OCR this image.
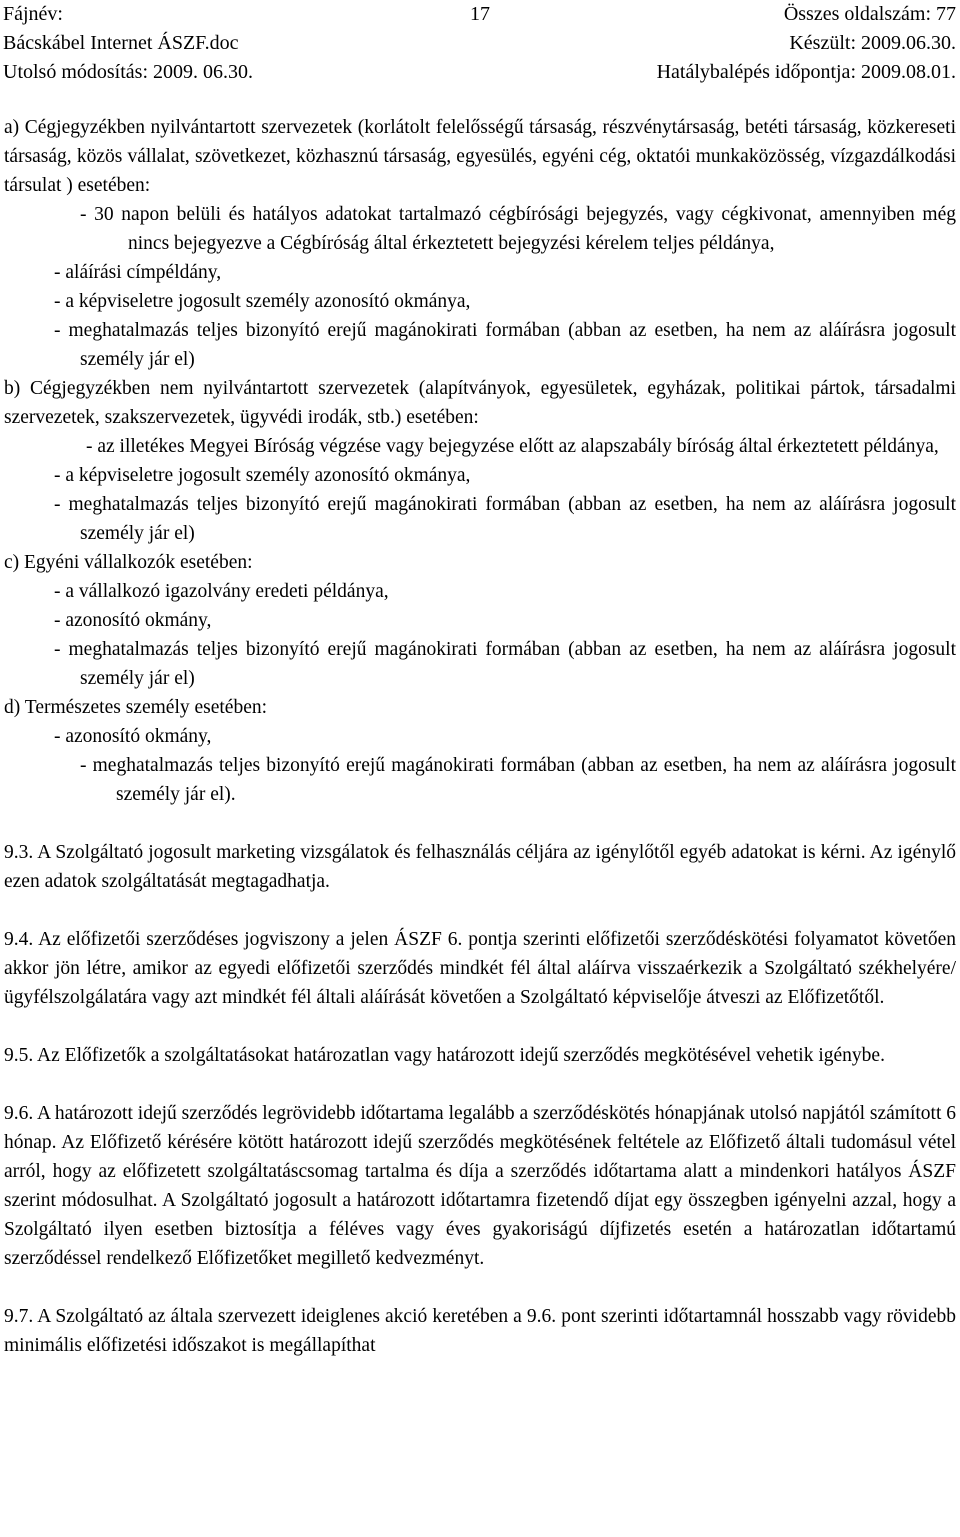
Fájnév:	17	Összes oldalszám: 77
Bácskábel Internet ÁSZF.doc	Készült: 2009.06.30.
Utolsó módosítás: 2009. 06.30.	Hatálybalépés időpontja: 2009.08.01.

a) Cégjegyzékben nyilvántartott szervezetek (korlátolt felelősségű társaság, részvénytársaság, betéti társaság, közkereseti társaság, közös vállalat, szövetkezet, közhasznú társaság, egyesülés, egyéni cég, oktatói munkaközösség, vízgazdálkodási társulat ) esetében:

- 30 napon belüli és hatályos adatokat tartalmazó cégbírósági bejegyzés, vagy cégkivonat, amennyiben még nincs bejegyezve a Cégbíróság által érkeztetett bejegyzési kérelem teljes példánya,

- aláírási címpéldány,

- a képviseletre jogosult személy azonosító okmánya,

- meghatalmazás teljes bizonyító erejű magánokirati formában (abban az esetben, ha nem az aláírásra jogosult személy jár el)

b) Cégjegyzékben nem nyilvántartott szervezetek (alapítványok, egyesületek, egyházak, politikai pártok, társadalmi szervezetek, szakszervezetek, ügyvédi irodák, stb.) esetében:

- az illetékes Megyei Bíróság végzése vagy bejegyzése előtt az alapszabály bíróság által érkeztetett példánya,

- a képviseletre jogosult személy azonosító okmánya,

- meghatalmazás teljes bizonyító erejű magánokirati formában (abban az esetben, ha nem az aláírásra jogosult személy jár el)

c) Egyéni vállalkozók esetében:

- a vállalkozó igazolvány eredeti példánya,

- azonosító okmány,

- meghatalmazás teljes bizonyító erejű magánokirati formában (abban az esetben, ha nem az aláírásra jogosult személy jár el)

d) Természetes személy esetében:

- azonosító okmány,

- meghatalmazás teljes bizonyító erejű magánokirati formában (abban az esetben, ha nem az aláírásra jogosult személy jár el).

9.3. A Szolgáltató jogosult marketing vizsgálatok és felhasználás céljára az igénylőtől egyéb adatokat is kérni. Az igénylő ezen adatok szolgáltatását megtagadhatja.

9.4. Az előfizetői szerződéses jogviszony a jelen ÁSZF 6. pontja szerinti előfizetői szerződéskötési folyamatot követően akkor jön létre, amikor az egyedi előfizetői szerződés mindkét fél által aláírva visszaérkezik a Szolgáltató székhelyére/ügyfélszolgálatára vagy azt mindkét fél általi aláírását követően a Szolgáltató képviselője átveszi az Előfizetőtől.

9.5. Az Előfizetők a szolgáltatásokat határozatlan vagy határozott idejű szerződés megkötésével vehetik igénybe.

9.6. A határozott idejű szerződés legrövidebb időtartama legalább a szerződéskötés hónapjának utolsó napjától számított 6 hónap. Az Előfizető kérésére kötött határozott idejű szerződés megkötésének feltétele az Előfizető általi tudomásul vétel arról, hogy az előfizetett szolgáltatáscsomag tartalma és díja a szerződés időtartama alatt a mindenkori hatályos ÁSZF szerint módosulhat. A Szolgáltató jogosult a határozott időtartamra fizetendő díjat egy összegben igényelni azzal, hogy a Szolgáltató ilyen esetben biztosítja a féléves vagy éves gyakoriságú díjfizetés esetén a határozatlan időtartamú szerződéssel rendelkező Előfizetőket megillető kedvezményt.

9.7. A Szolgáltató az általa szervezett ideiglenes akció keretében a 9.6. pont szerinti időtartamnál hosszabb vagy rövidebb minimális előfizetési időszakot is megállapíthat
